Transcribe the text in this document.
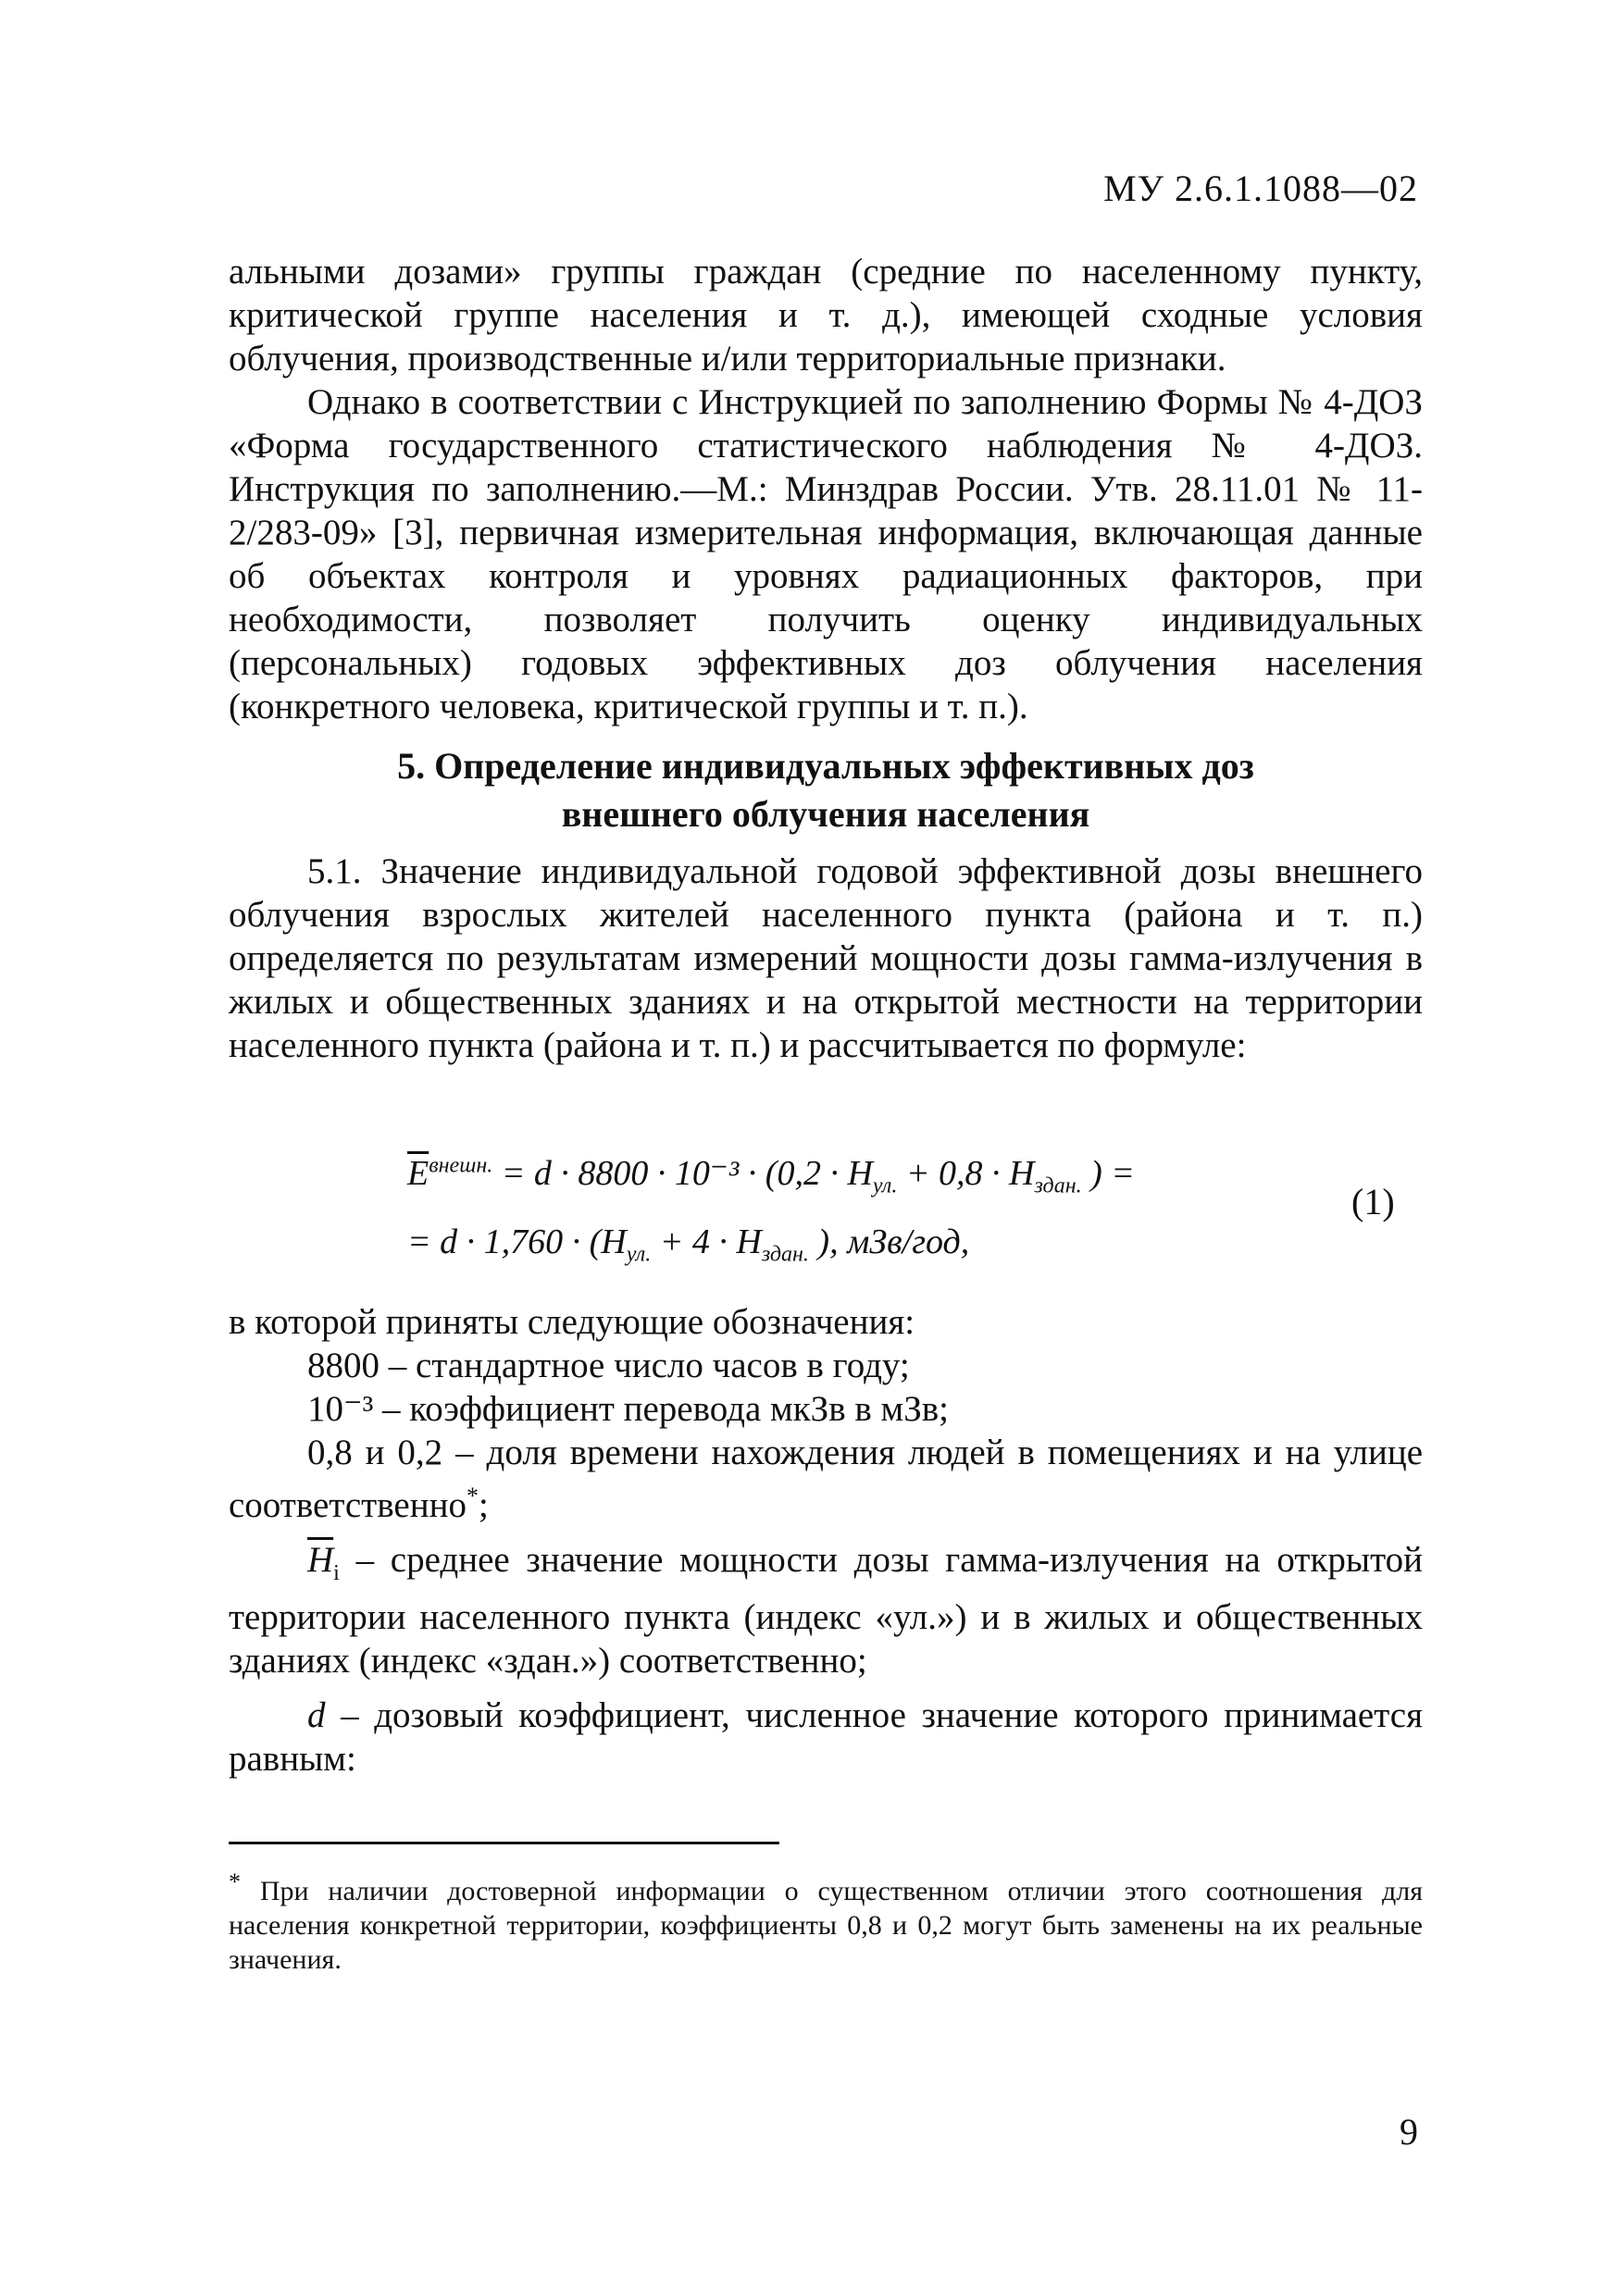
МУ 2.6.1.1088—02

альными дозами» группы граждан (средние по населенному пункту, критической группе населения и т. д.), имеющей сходные условия облучения, производственные и/или территориальные признаки.

Однако в соответствии с Инструкцией по заполнению Формы № 4-ДОЗ «Форма государственного статистического наблюдения № 4-ДОЗ. Инструкция по заполнению.—М.: Минздрав России. Утв. 28.11.01 № 11-2/283-09» [3], первичная измерительная информация, включающая данные об объектах контроля и уровнях радиационных факторов, при необходимости, позволяет получить оценку индивидуальных (персональных) годовых эффективных доз облучения населения (конкретного человека, критической группы и т. п.).

5. Определение индивидуальных эффективных доз
внешнего облучения населения

5.1. Значение индивидуальной годовой эффективной дозы внешнего облучения взрослых жителей населенного пункта (района и т. п.) определяется по результатам измерений мощности дозы гамма-излучения в жилых и общественных зданиях и на открытой местности на территории населенного пункта (района и т. п.) и рассчитывается по формуле:

$\overline{E}^{внешн.} = d \cdot 8800 \cdot 10^{-3} \cdot (0,2 \cdot H_{ул.} + 0,8 \cdot H_{здан.}$ ) =
= $d \cdot 1,760 \cdot (H_{ул.} + 4 \cdot H_{здан.}$ ), мЗв/год,
(1)

в которой приняты следующие обозначения:

8800 – стандартное число часов в году;

10⁻³ – коэффициент перевода мкЗв в мЗв;

0,8 и 0,2 – доля времени нахождения людей в помещениях и на улице соответственно*;

$\overline{H}_i$ – среднее значение мощности дозы гамма-излучения на открытой территории населенного пункта (индекс «ул.») и в жилых и общественных зданиях (индекс «здан.») соответственно;

d – дозовый коэффициент, численное значение которого принимается равным:

* При наличии достоверной информации о существенном отличии этого соотношения для населения конкретной территории, коэффициенты 0,8 и 0,2 могут быть заменены на их реальные значения.
9
